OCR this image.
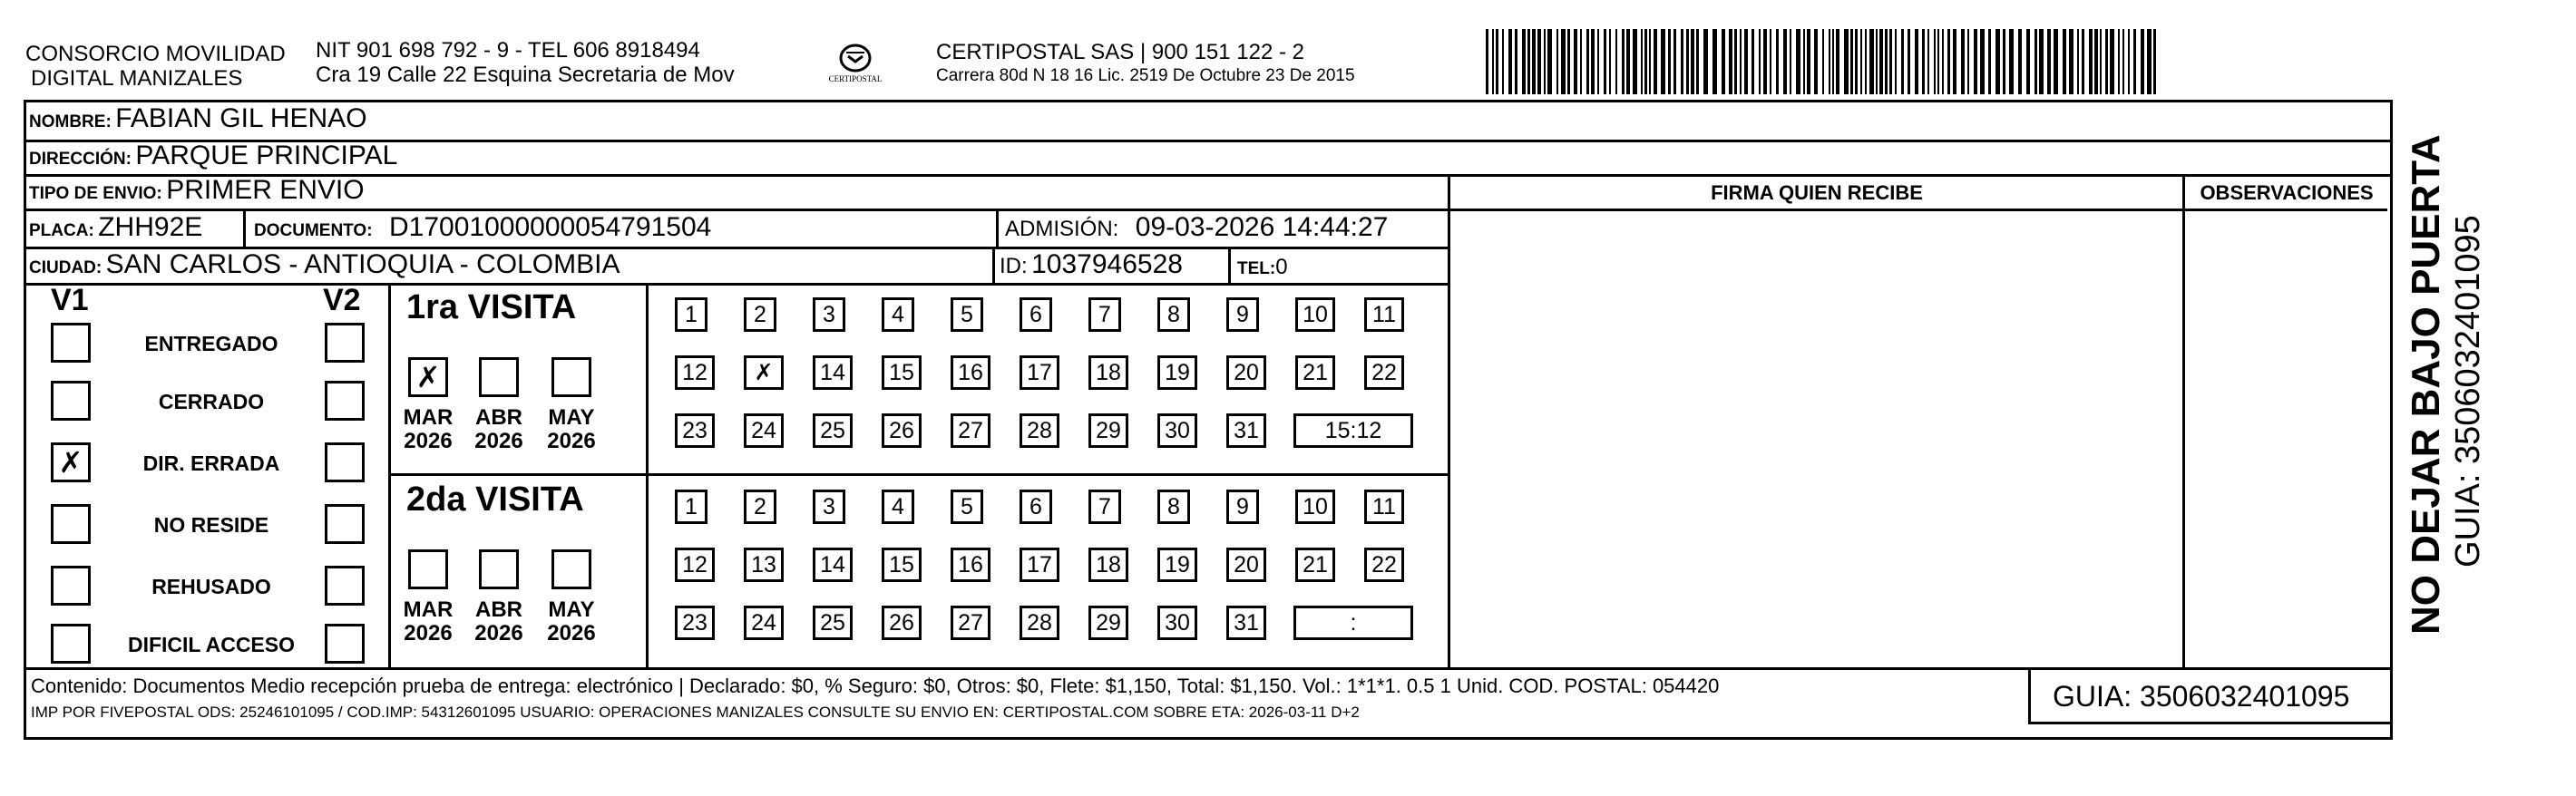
CONSORCIO MOVILIDAD
DIGITAL MANIZALES
NIT 901 698 792 - 9 - TEL 606 8918494
Cra 19 Calle 22 Esquina Secretaria de Mov	CERTIPOSTAL
CERTIPOSTAL SAS | 900 151 122 - 2
Carrera 80d N 18 16 Lic. 2519 De Octubre 23 De 2015
GUIA: 3506032401095
NOMBRE: FABIAN GIL HENAO
DIRECCIÓN: PARQUE PRINCIPAL
TIPO DE ENVIO: PRIMER ENVIO
PLACA: ZHH92E	DOCUMENTO: D17001000000054791504	ADMISIÓN: 09-03-2026 14:44:27
CIUDAD: SAN CARLOS - ANTIOQUIA - COLOMBIA	ID: 1037946528	TEL:0
FIRMA QUIEN RECIBE	OBSERVACIONES
V1	V2
ENTREGADO
CERRADO
✗	DIR. ERRADA
NO RESIDE
REHUSADO
DIFICIL ACCESO
1ra VISITA
✗
MAR
2026
ABR
2026
MAY
2026
1	2	3	4	5	6	7	8	9	10	11
12	✗	14	15	16	17	18	19	20	21	22
23	24	25	26	27	28	29	30	31	15:12
2da VISITA
MAR
2026
ABR
2026
MAY
2026
1	2	3	4	5	6	7	8	9	10	11
12	13	14	15	16	17	18	19	20	21	22
23	24	25	26	27	28	29	30	31	:
Contenido: Documentos Medio recepción prueba de entrega: electrónico | Declarado: $0, % Seguro: $0, Otros: $0, Flete: $1,150, Total: $1,150. Vol.: 1*1*1. 0.5 1 Unid. COD. POSTAL: 054420
IMP POR FIVEPOSTAL ODS: 25246101095 / COD.IMP: 54312601095 USUARIO: OPERACIONES MANIZALES CONSULTE SU ENVIO EN: CERTIPOSTAL.COM SOBRE ETA: 2026-03-11 D+2
NO DEJAR BAJO PUERTA GUIA: 3506032401095
